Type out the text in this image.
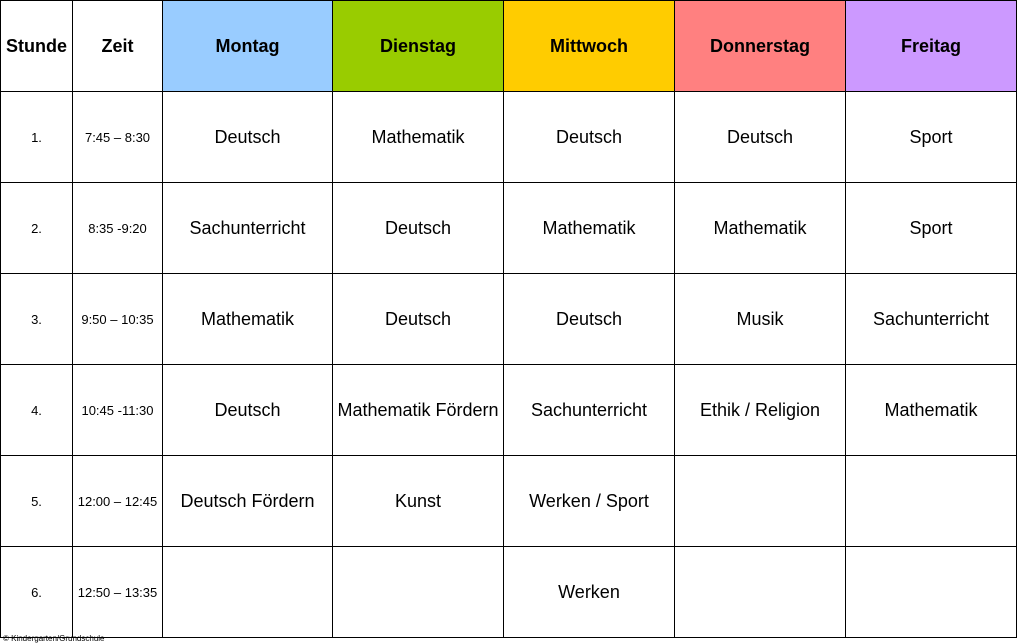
Stunde	Zeit	Montag	Dienstag	Mittwoch	Donnerstag	Freitag
1.	7:45 – 8:30	Deutsch	Mathematik	Deutsch	Deutsch	Sport
2.	8:35 -9:20	Sachunterricht	Deutsch	Mathematik	Mathematik	Sport
3.	9:50 – 10:35	Mathematik	Deutsch	Deutsch	Musik	Sachunterricht
4.	10:45 -11:30	Deutsch	Mathematik Fördern	Sachunterricht	Ethik / Religion	Mathematik
5.	12:00 – 12:45	Deutsch Fördern	Kunst	Werken / Sport		
6.	12:50 – 13:35			Werken		
© Kindergarten/Grundschule
